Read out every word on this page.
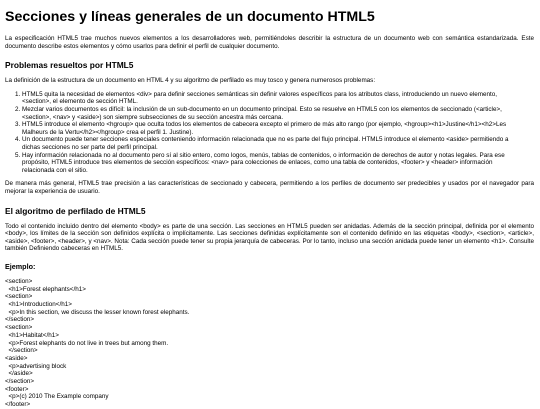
Secciones y líneas generales de un documento HTML5

La especificación HTML5 trae muchos nuevos elementos a los desarrolladores web, permitiéndoles describir la estructura de un documento web con semántica estandarizada. Este documento describe estos elementos y cómo usarlos para definir el perfil de cualquier documento.

Problemas resueltos por HTML5

La definición de la estructura de un documento en HTML 4 y su algoritmo de perfilado es muy tosco y genera numerosos problemas:

1. HTML5 quita la necesidad de elementos <div> para definir secciones semánticas sin definir valores específicos para los atributos class, introduciendo un nuevo elemento, <section>, el elemento de sección HTML.
2. Mezclar varios documentos es difícil: la inclusión de un sub-documento en un documento principal. Esto se resuelve en HTML5 con los elementos de seccionado (<article>, <section>, <nav> y <aside>) son siempre subsecciones de su sección ancestra más cercana.
3. HTML5 introduce el elemento <hgroup> que oculta todos los elementos de cabecera excepto el primero de más alto rango (por ejemplo, <hgroup><h1>Justine</h1><h2>Les Malheurs de la Vertu</h2></hgroup> crea el perfil 1. Justine).
4. Un documento puede tener secciones especiales conteniendo información relacionada que no es parte del flujo principal. HTML5 introduce el elemento <aside> permitiendo a dichas secciones no ser parte del perfil principal.
5. Hay información relacionada no al documento pero sí al sitio entero, como logos, menús, tablas de contenidos, o información de derechos de autor y notas legales. Para ese propósito, HTML5 introduce tres elementos de sección específicos: <nav> para colecciones de enlaces, como una tabla de contenidos, <footer> y <header> información relacionada con el sitio.

De manera más general, HTML5 trae precisión a las características de seccionado y cabecera, permitiendo a los perfiles de documento ser predecibles y usados por el navegador para mejorar la experiencia de usuario.

El algoritmo de perfilado de HTML5

Todo el contenido incluido dentro del elemento <body> es parte de una sección. Las secciones en HTML5 pueden ser anidadas. Además de la sección principal, definida por el elemento <body>, los límites de la sección son definidos explícita o implícitamente. Las secciones definidas explícitamente son el contenido definido en las etiquetas <body>, <section>, <article>, <aside>, <footer>, <header>, y <nav>. Nota: Cada sección puede tener su propia jerarquía de cabeceras. Por lo tanto, incluso una sección anidada puede tener un elemento <h1>. Consulte también Definiendo cabeceras en HTML5.

Ejemplo:
<section>
<h1>Forest elephants</h1>
<section>
<h1>Introduction</h1>
<p>In this section, we discuss the lesser known forest elephants.
</section>
<section>
<h1>Habitat</h1>
<p>Forest elephants do not live in trees but among them.
</section>
<aside>
<p>advertising block
</aside>
</section>
<footer>
<p>(c) 2010 The Example company
</footer>
